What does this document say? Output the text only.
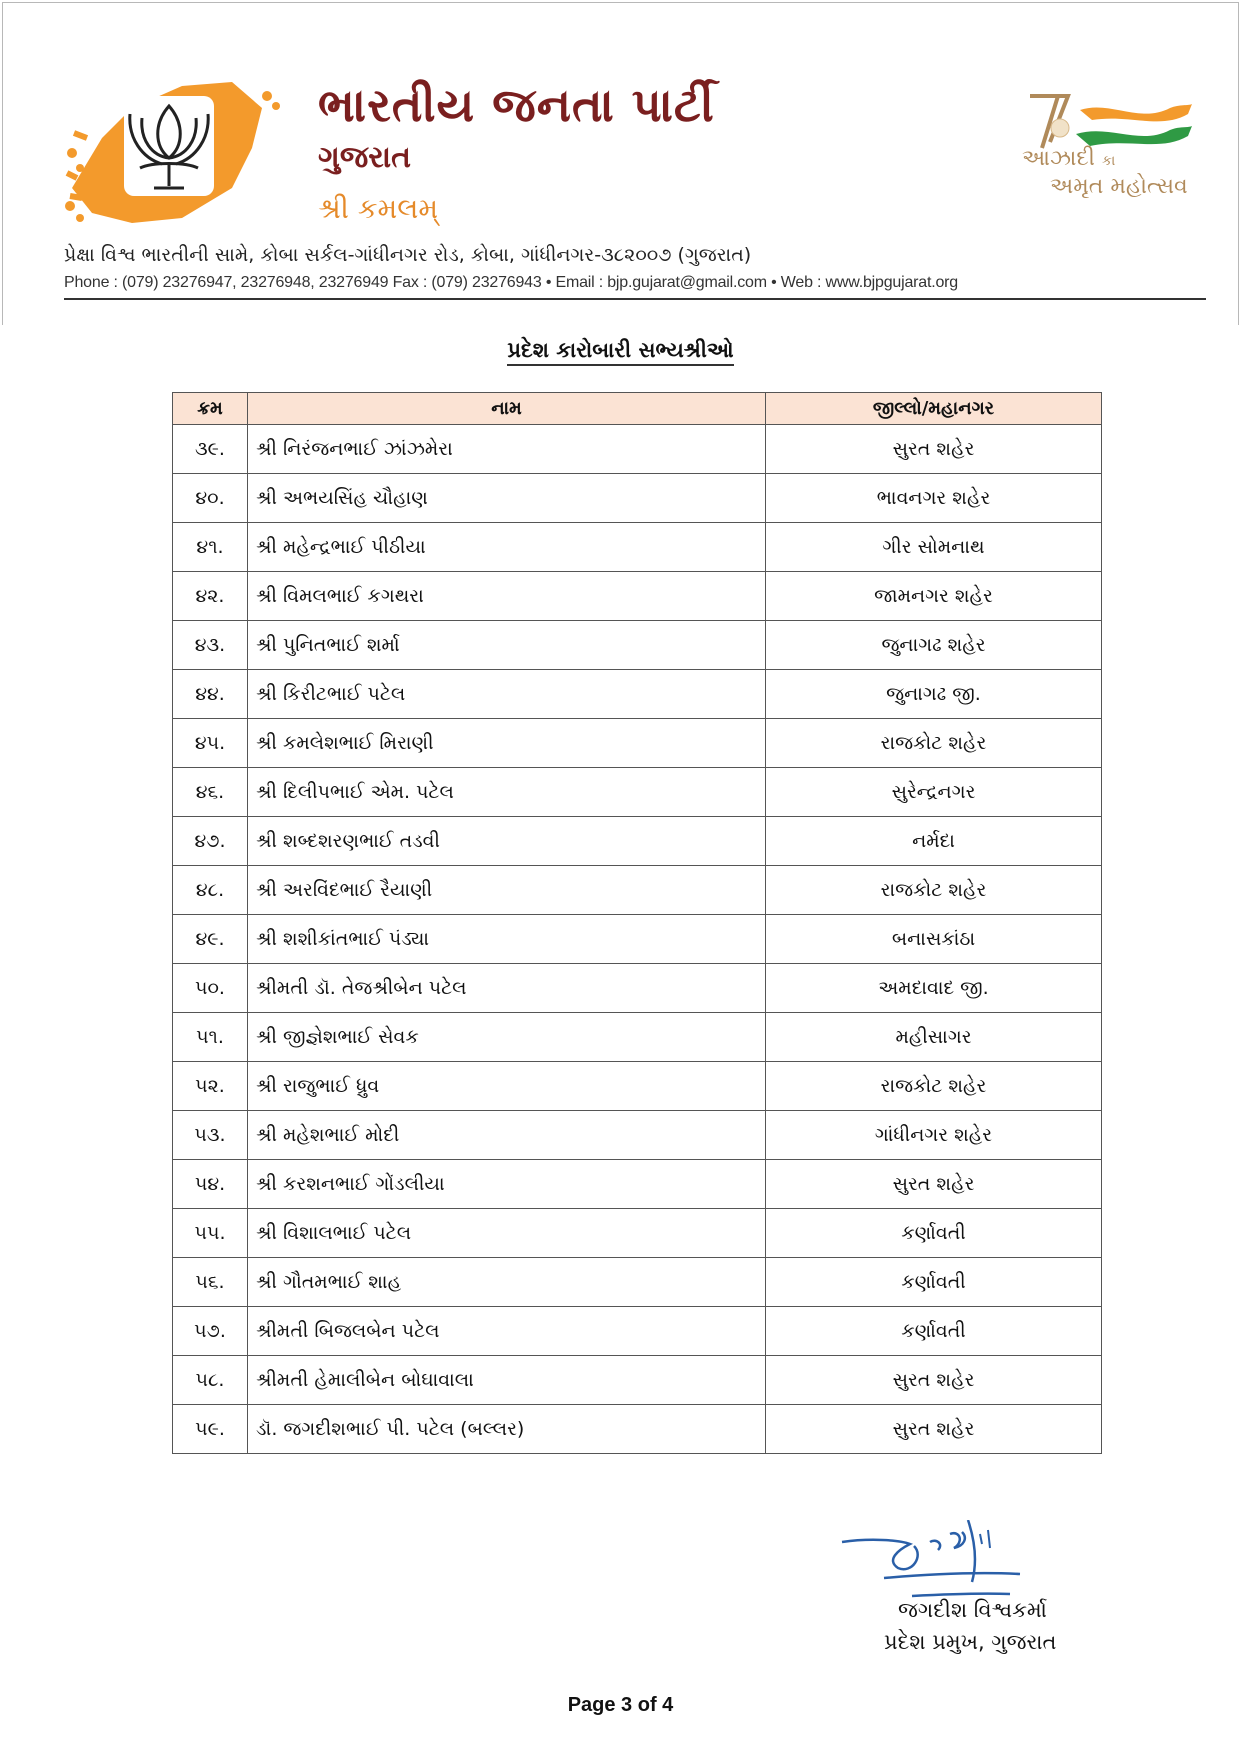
ભારતીય જનતા પાર્ટી
ગુજરાત
શ્રી કમલમ્
આઝાદી કા
અમૃત મહોત્સવ
પ્રેક્ષા વિશ્વ ભારતીની સામે, કોબા સર્કલ-ગાંધીનગર રોડ, કોબા, ગાંધીનગર-૩૮૨૦૦૭ (ગુજરાત)
Phone : (079) 23276947, 23276948, 23276949 Fax : (079) 23276943 • Email : bjp.gujarat@gmail.com • Web : www.bjpgujarat.org
પ્રદેશ કારોબારી સભ્યશ્રીઓ
ક્રમ	નામ	જીલ્લો/મહાનગર
૩૯.	શ્રી નિરંજનભાઈ ઝાંઝમેરા	સુરત શહેર
૪૦.	શ્રી અભયસિંહ ચૌહાણ	ભાવનગર શહેર
૪૧.	શ્રી મહેન્દ્રભાઈ પીઠીયા	ગીર સોમનાથ
૪૨.	શ્રી વિમલભાઈ કગથરા	જામનગર શહેર
૪૩.	શ્રી પુનિતભાઈ શર્મા	જુનાગઢ શહેર
૪૪.	શ્રી કિરીટભાઈ પટેલ	જુનાગઢ જી.
૪૫.	શ્રી કમલેશભાઈ મિરાણી	રાજકોટ શહેર
૪૬.	શ્રી દિલીપભાઈ એમ. પટેલ	સુરેન્દ્રનગર
૪૭.	શ્રી શબ્દશરણભાઈ તડવી	નર્મદા
૪૮.	શ્રી અરવિંદભાઈ રૈયાણી	રાજકોટ શહેર
૪૯.	શ્રી શશીકાંતભાઈ પંડ્યા	બનાસકાંઠા
૫૦.	શ્રીમતી ડૉ. તેજશ્રીબેન પટેલ	અમદાવાદ જી.
૫૧.	શ્રી જીજ્ઞેશભાઈ સેવક	મહીસાગર
૫૨.	શ્રી રાજુભાઈ ધ્રુવ	રાજકોટ શહેર
૫૩.	શ્રી મહેશભાઈ મોદી	ગાંધીનગર શહેર
૫૪.	શ્રી કરશનભાઈ ગોંડલીયા	સુરત શહેર
૫૫.	શ્રી વિશાલભાઈ પટેલ	કર્ણાવતી
૫૬.	શ્રી ગૌતમભાઈ શાહ	કર્ણાવતી
૫૭.	શ્રીમતી બિજલબેન પટેલ	કર્ણાવતી
૫૮.	શ્રીમતી હેમાલીબેન બોઘાવાલા	સુરત શહેર
૫૯.	ડૉ. જગદીશભાઈ પી. પટેલ (બલ્લર)	સુરત શહેર
જગદીશ વિશ્વકર્મા
પ્રદેશ પ્રમુખ, ગુજરાત
Page 3 of 4
